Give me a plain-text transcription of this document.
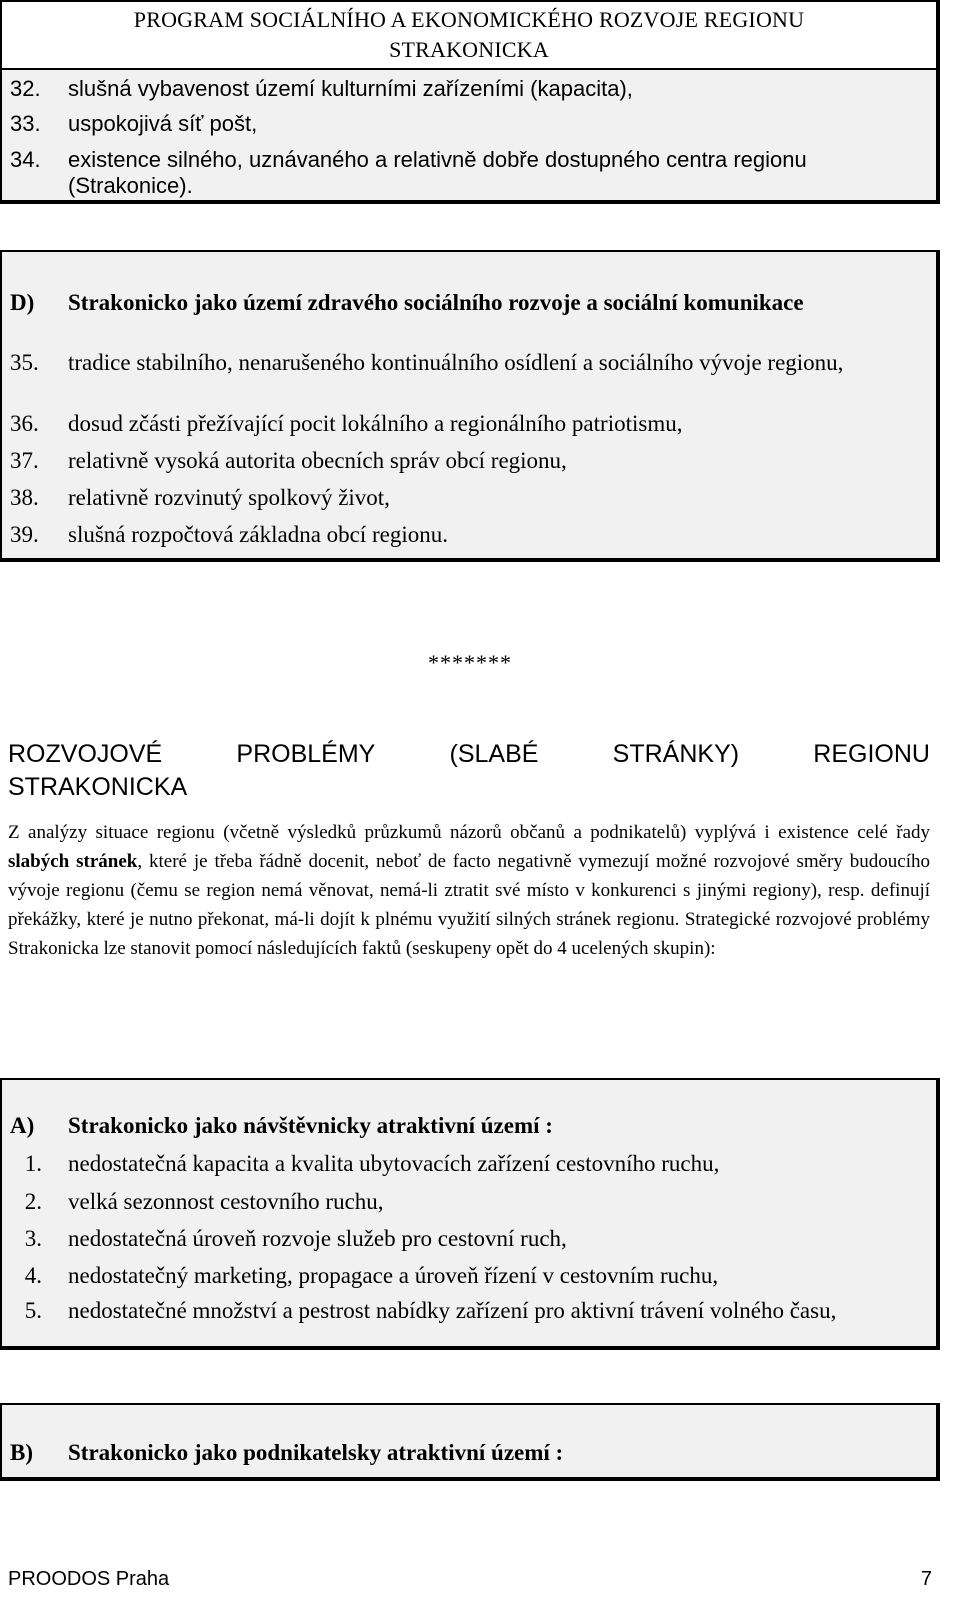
PROGRAM SOCIÁLNÍHO A EKONOMICKÉHO ROZVOJE REGIONU
STRAKONICKA
32.	slušná vybavenost území kulturními zařízeními (kapacita),
33.	uspokojivá síť pošt,
34.	existence silného, uznávaného a relativně dobře dostupného centra regionu (Strakonice).
D)	Strakonicko jako území zdravého sociálního rozvoje a sociální komunikace
35.	tradice stabilního, nenarušeného kontinuálního osídlení a sociálního vývoje regionu,
36.	dosud zčásti přežívající pocit lokálního a regionálního patriotismu,
37.	relativně vysoká autorita obecních správ obcí regionu,
38.	relativně rozvinutý spolkový život,
39.	slušná rozpočtová základna obcí regionu.
*******
ROZVOJOVÉ	PROBLÉMY	(SLABÉ	STRÁNKY)	REGIONU
STRAKONICKA
Z analýzy situace regionu (včetně výsledků průzkumů názorů občanů a podnikatelů) vyplývá i existence celé řady slabých stránek, které je třeba řádně docenit, neboť de facto negativně vymezují možné rozvojové směry budoucího vývoje regionu (čemu se region nemá věnovat, nemá-li ztratit své místo v konkurenci s jinými regiony), resp. definují překážky, které je nutno překonat, má-li dojít k plnému využití silných stránek regionu. Strategické rozvojové problémy Strakonicka lze stanovit pomocí následujících faktů (seskupeny opět do 4 ucelených skupin):
A)	Strakonicko jako návštěvnicky atraktivní území :
1. nedostatečná kapacita a kvalita ubytovacích zařízení cestovního ruchu,
2. velká sezonnost cestovního ruchu,
3. nedostatečná úroveň rozvoje služeb pro cestovní ruch,
4. nedostatečný marketing, propagace a úroveň řízení v cestovním ruchu,
5. nedostatečné množství a pestrost nabídky zařízení pro aktivní trávení volného času,
B)	Strakonicko jako podnikatelsky atraktivní území :
PROODOS Praha	7
